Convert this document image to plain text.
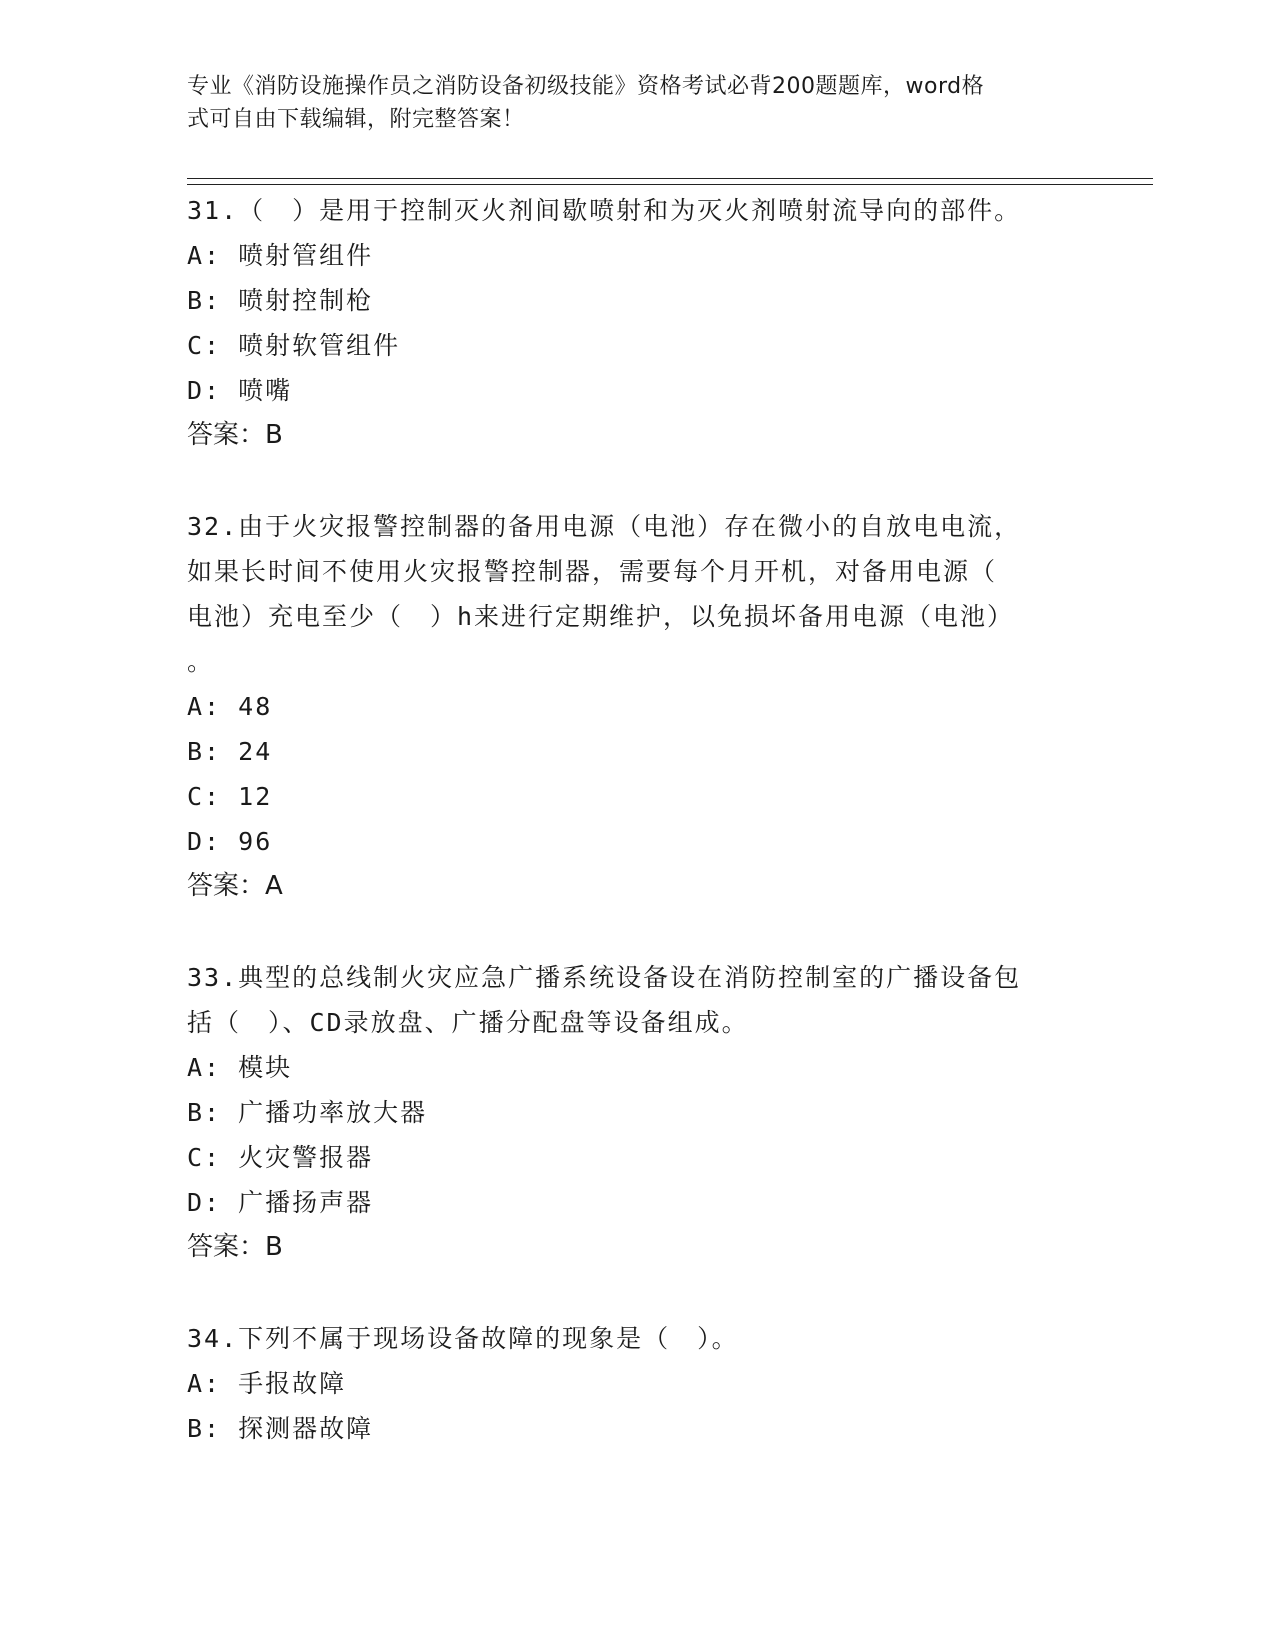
专业《消防设施操作员之消防设备初级技能》资格考试必背200题题库，word格
式可自由下载编辑，附完整答案！

31.（　）是用于控制灭火剂间歇喷射和为灭火剂喷射流导向的部件。

A: 喷射管组件

B: 喷射控制枪

C: 喷射软管组件

D: 喷嘴

答案：B

32.由于火灾报警控制器的备用电源（电池）存在微小的自放电电流，

如果长时间不使用火灾报警控制器，需要每个月开机，对备用电源（

电池）充电至少（　）h来进行定期维护，以免损坏备用电源（电池）

。

A: 48

B: 24

C: 12

D: 96

答案：A

33.典型的总线制火灾应急广播系统设备设在消防控制室的广播设备包

括（　）、CD录放盘、广播分配盘等设备组成。

A: 模块

B: 广播功率放大器

C: 火灾警报器

D: 广播扬声器

答案：B

34.下列不属于现场设备故障的现象是（　）。

A: 手报故障

B: 探测器故障
